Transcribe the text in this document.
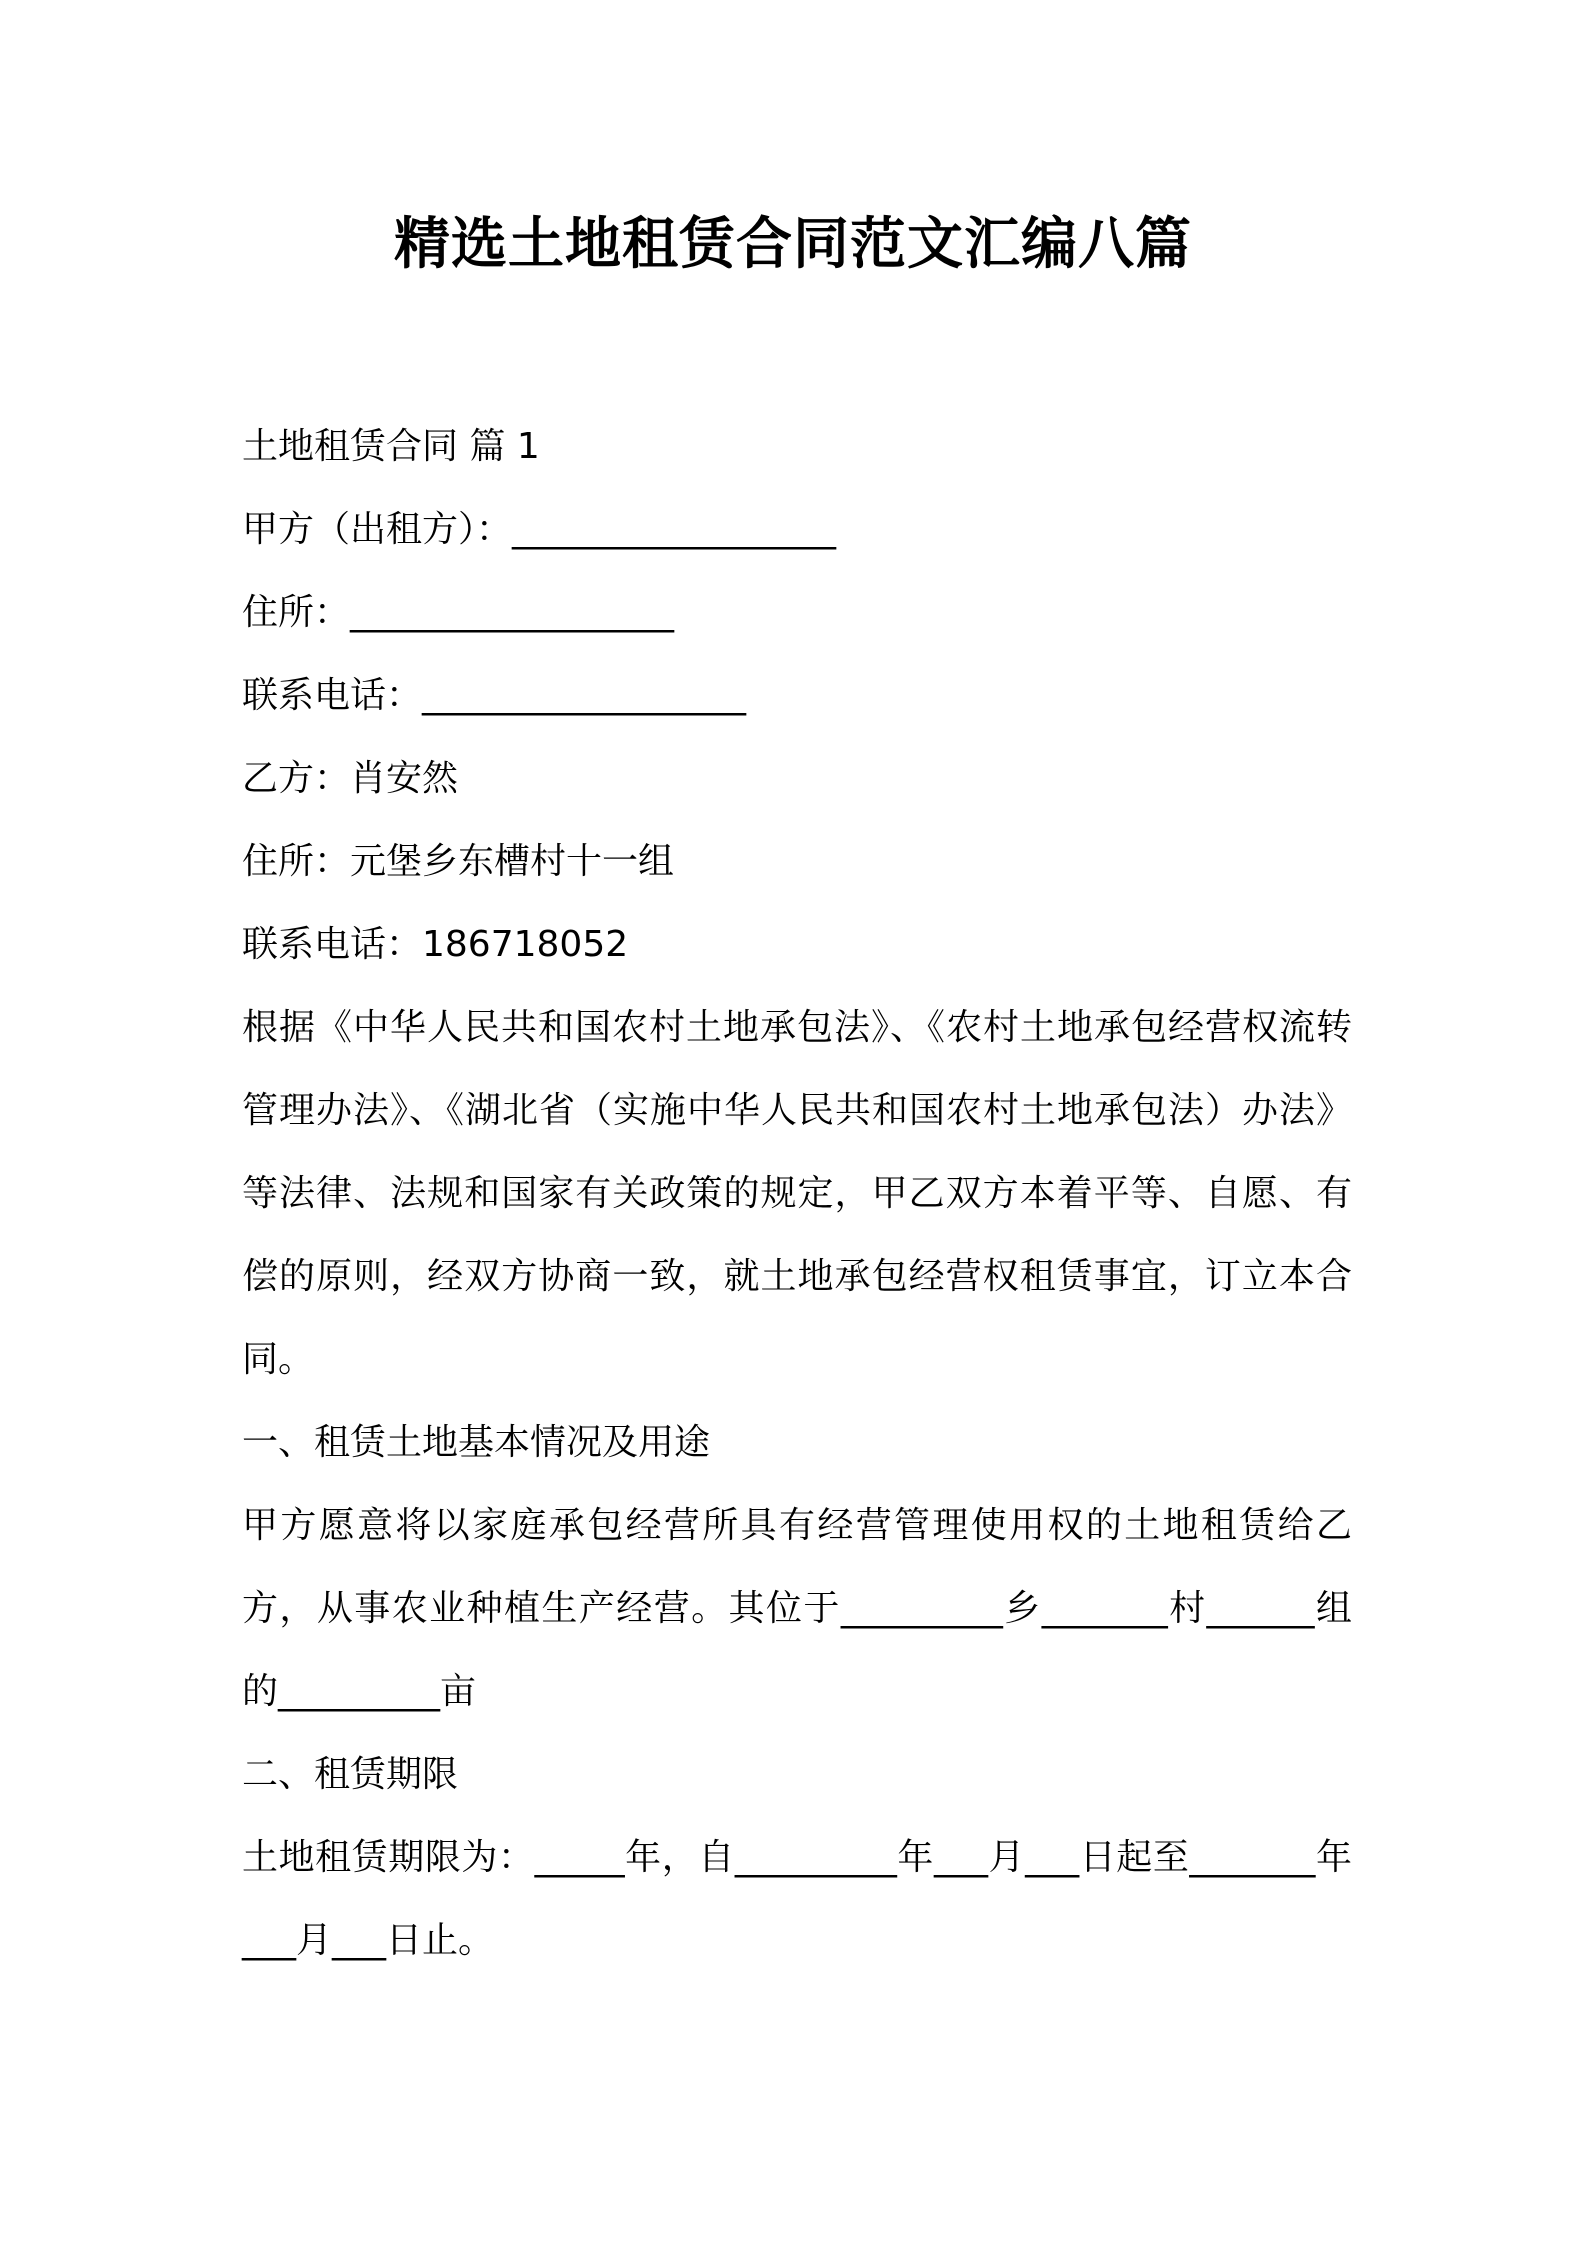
精选土地租赁合同范文汇编八篇
土地租赁合同 篇 1
甲方（出租方）：__________________
住所：__________________
联系电话：__________________
乙方：肖安然
住所：元堡乡东槽村十一组
联系电话：186718052
根据《中华人民共和国农村土地承包法》、《农村土地承包经营权流转管理办法》、《湖北省（实施中华人民共和国农村土地承包法）办法》等法律、法规和国家有关政策的规定，甲乙双方本着平等、自愿、有偿的原则，经双方协商一致，就土地承包经营权租赁事宜，订立本合同。
一、租赁土地基本情况及用途
甲方愿意将以家庭承包经营所具有经营管理使用权的土地租赁给乙方，从事农业种植生产经营。其位于_________乡_______村______组的_________亩
二、租赁期限
土地租赁期限为：_____年，自_________年___月___日起至_______年___月___日止。
